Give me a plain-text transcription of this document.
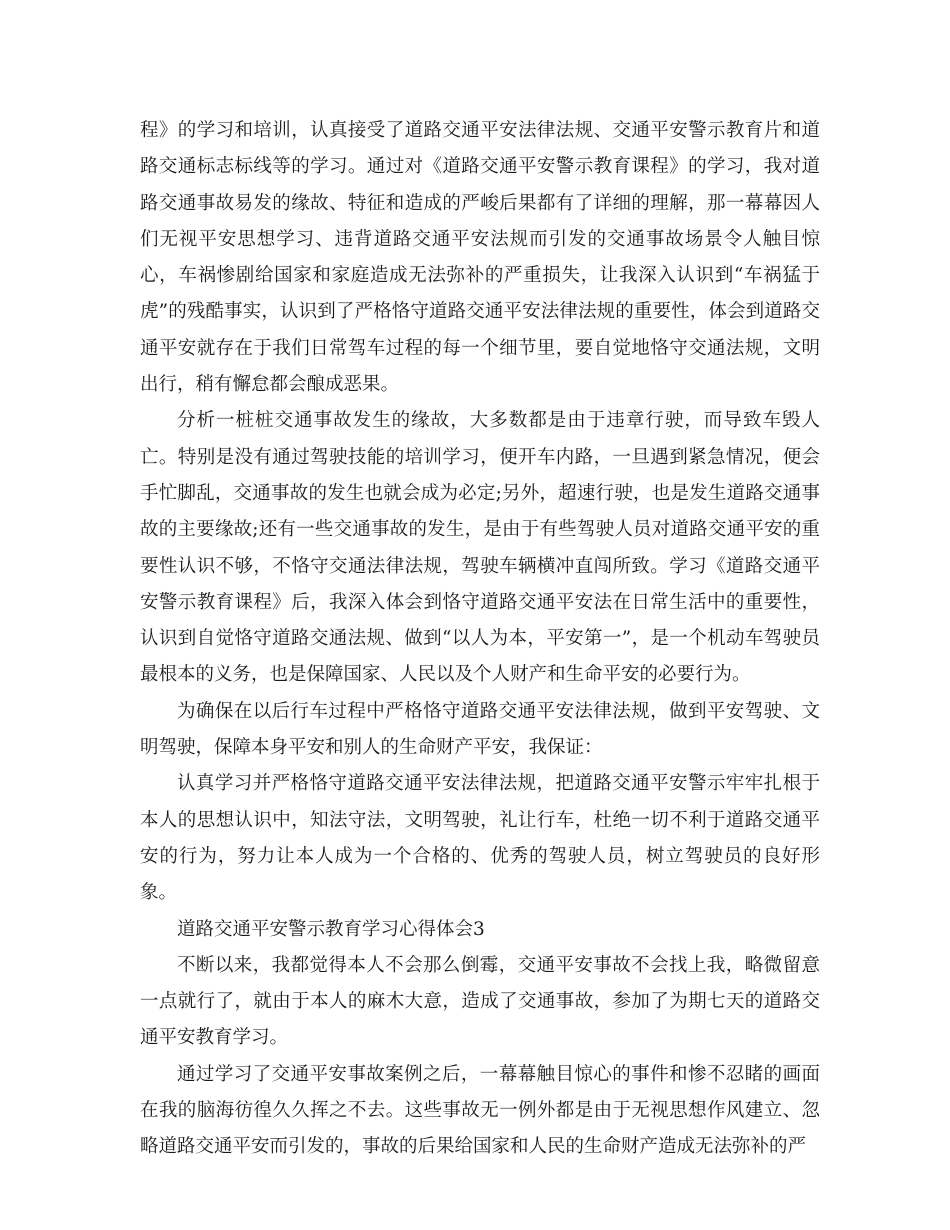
程》的学习和培训，认真接受了道路交通平安法律法规、交通平安警示教育片和道路交通标志标线等的学习。通过对《道路交通平安警示教育课程》的学习，我对道路交通事故易发的缘故、特征和造成的严峻后果都有了详细的理解，那一幕幕因人们无视平安思想学习、违背道路交通平安法规而引发的交通事故场景令人触目惊心，车祸惨剧给国家和家庭造成无法弥补的严重损失，让我深入认识到“车祸猛于虎”的残酷事实，认识到了严格恪守道路交通平安法律法规的重要性，体会到道路交通平安就存在于我们日常驾车过程的每一个细节里，要自觉地恪守交通法规，文明出行，稍有懈怠都会酿成恶果。

分析一桩桩交通事故发生的缘故，大多数都是由于违章行驶，而导致车毁人亡。特别是没有通过驾驶技能的培训学习，便开车内路，一旦遇到紧急情况，便会手忙脚乱，交通事故的发生也就会成为必定;另外，超速行驶，也是发生道路交通事故的主要缘故;还有一些交通事故的发生，是由于有些驾驶人员对道路交通平安的重要性认识不够，不恪守交通法律法规，驾驶车辆横冲直闯所致。学习《道路交通平安警示教育课程》后，我深入体会到恪守道路交通平安法在日常生活中的重要性，认识到自觉恪守道路交通法规、做到“以人为本，平安第一”，是一个机动车驾驶员最根本的义务，也是保障国家、人民以及个人财产和生命平安的必要行为。

为确保在以后行车过程中严格恪守道路交通平安法律法规，做到平安驾驶、文明驾驶，保障本身平安和别人的生命财产平安，我保证：

认真学习并严格恪守道路交通平安法律法规，把道路交通平安警示牢牢扎根于本人的思想认识中，知法守法，文明驾驶，礼让行车，杜绝一切不利于道路交通平安的行为，努力让本人成为一个合格的、优秀的驾驶人员，树立驾驶员的良好形象。

道路交通平安警示教育学习心得体会3

不断以来，我都觉得本人不会那么倒霉，交通平安事故不会找上我，略微留意一点就行了，就由于本人的麻木大意，造成了交通事故，参加了为期七天的道路交通平安教育学习。

通过学习了交通平安事故案例之后，一幕幕触目惊心的事件和惨不忍睹的画面在我的脑海彷徨久久挥之不去。这些事故无一例外都是由于无视思想作风建立、忽略道路交通平安而引发的，事故的后果给国家和人民的生命财产造成无法弥补的严
